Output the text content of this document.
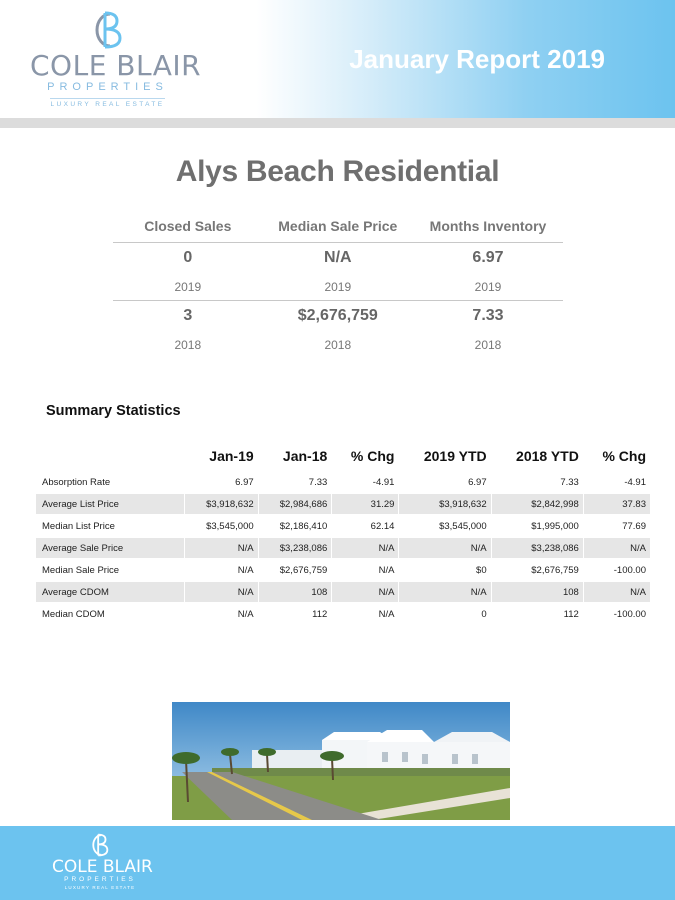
COLE BLAIR
PROPERTIES
LUXURY REAL ESTATE
January Report 2019
Alys Beach Residential
Closed Sales	Median Sale Price	Months Inventory
0	N/A	6.97
2019	2019	2019
3	$2,676,759	7.33
2018	2018	2018
Summary Statistics
	Jan-19	Jan-18	% Chg	2019 YTD	2018 YTD	% Chg
Absorption Rate	6.97	7.33	-4.91	6.97	7.33	-4.91
Average List Price	$3,918,632	$2,984,686	31.29	$3,918,632	$2,842,998	37.83
Median List Price	$3,545,000	$2,186,410	62.14	$3,545,000	$1,995,000	77.69
Average Sale Price	N/A	$3,238,086	N/A	N/A	$3,238,086	N/A
Median Sale Price	N/A	$2,676,759	N/A	$0	$2,676,759	-100.00
Average CDOM	N/A	108	N/A	N/A	108	N/A
Median CDOM	N/A	112	N/A	0	112	-100.00
COLE BLAIR
PROPERTIES
LUXURY REAL ESTATE
